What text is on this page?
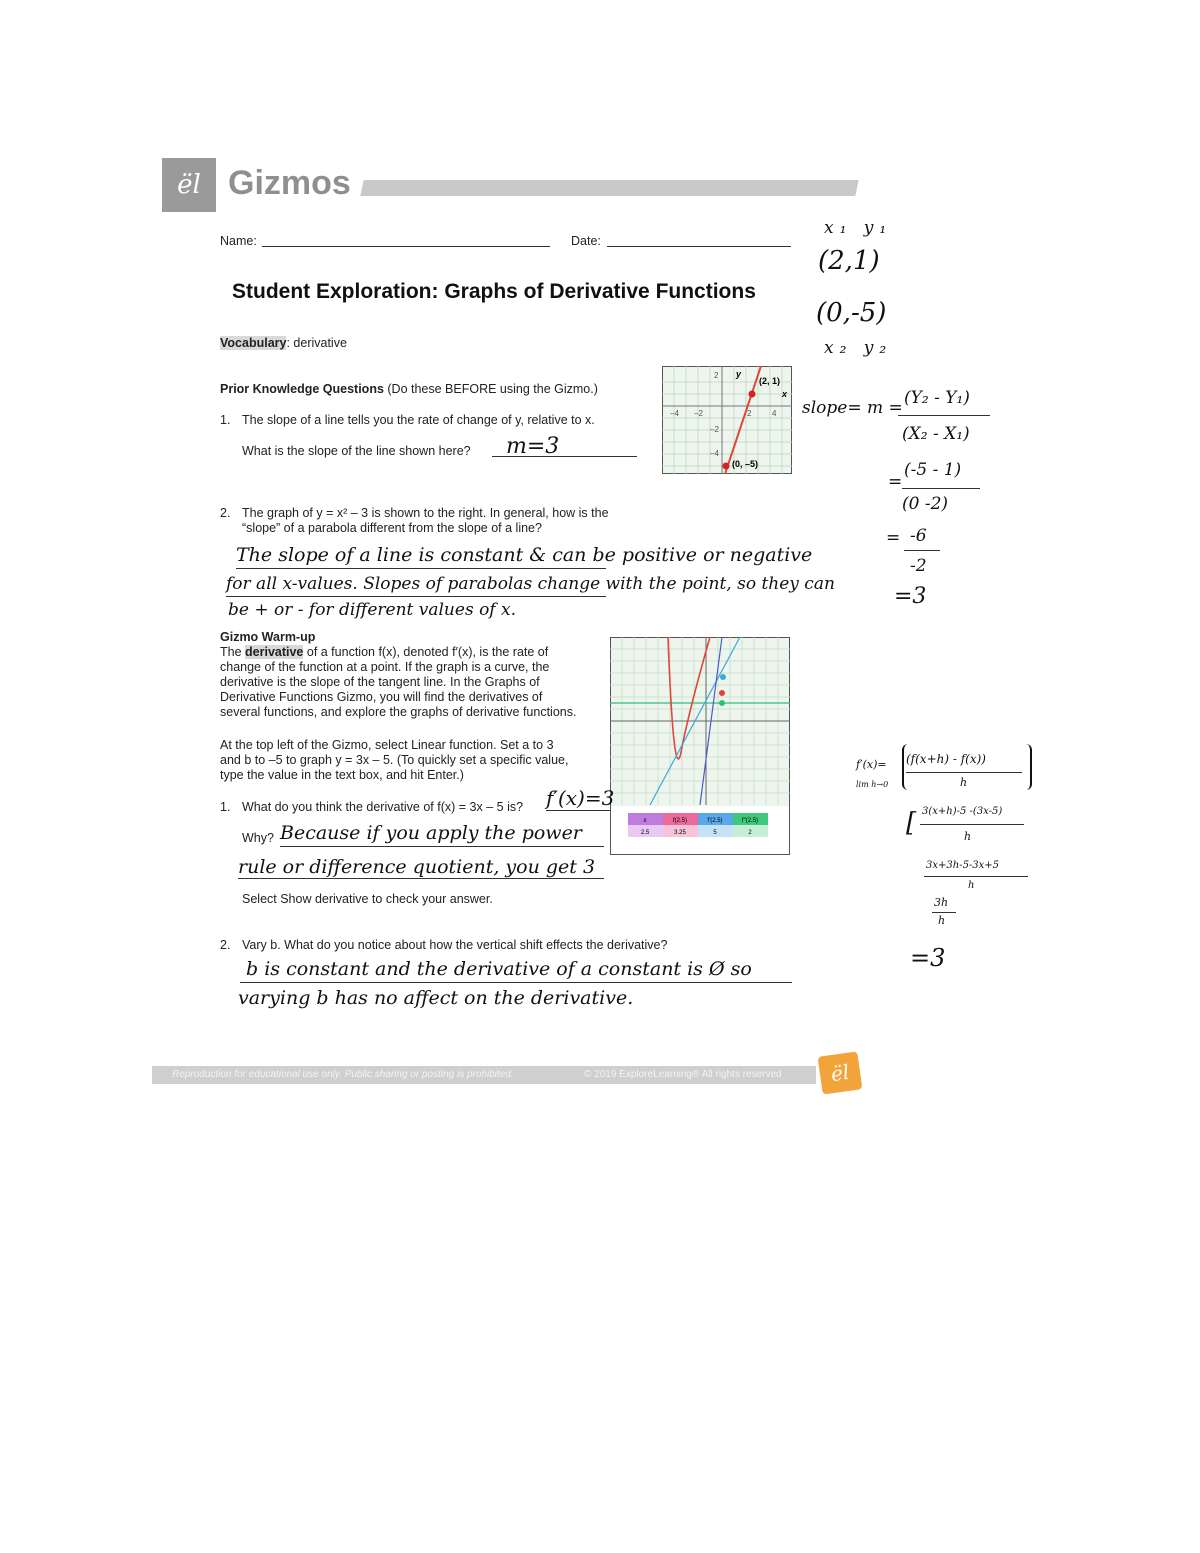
ël Gizmos
Name:	Date:
Student Exploration: Graphs of Derivative Functions
Vocabulary: derivative
Prior Knowledge Questions (Do these BEFORE using the Gizmo.)
1. The slope of a line tells you the rate of change of y, relative to x.
What is the slope of the line shown here? m=3
(2, 1)
(0, –5)
y
x
–4 –2	2	4
2
–2
–4
2. The graph of y = x² – 3 is shown to the right. In general, how is the
“slope” of a parabola different from the slope of a line?
The slope of a line is constant & can be positive or negative
for all x-values. Slopes of parabolas change with the point, so they can
be + or - for different values of x.
Gizmo Warm-up
The derivative of a function f(x), denoted f′(x), is the rate of
change of the function at a point. If the graph is a curve, the
derivative is the slope of the tangent line. In the Graphs of
Derivative Functions Gizmo, you will find the derivatives of
several functions, and explore the graphs of derivative functions.
At the top left of the Gizmo, select Linear function. Set a to 3
and b to –5 to graph y = 3x – 5. (To quickly set a specific value,
type the value in the text box, and hit Enter.)
x	f(2.5)	f′(2.5)	f″(2.5)
2.5	3.25	5	2
1. What do you think the derivative of f(x) = 3x – 5 is? f′(x)=3
Why? Because if you apply the power
rule or difference quotient, you get 3
Select Show derivative to check your answer.
2. Vary b. What do you notice about how the vertical shift effects the derivative?
b is constant and the derivative of a constant is Ø so
varying b has no affect on the derivative.
x₁ y₁
(2,1)
(0,-5)
x₂ y₂
slope= m = (Y₂ - Y₁)
(X₂ - X₁)
=
(-5 - 1)
(0 -2)
= -6
-2
=3
f′(x)=
lim h→0
(f(x+h) - f(x))
h
[ 3(x+h)-5 -(3x-5)
h
3x+3h-5-3x+5
h
3h
h
=3
Reproduction for educational use only. Public sharing or posting is prohibited.	© 2019 ExploreLearning® All rights reserved	ël
